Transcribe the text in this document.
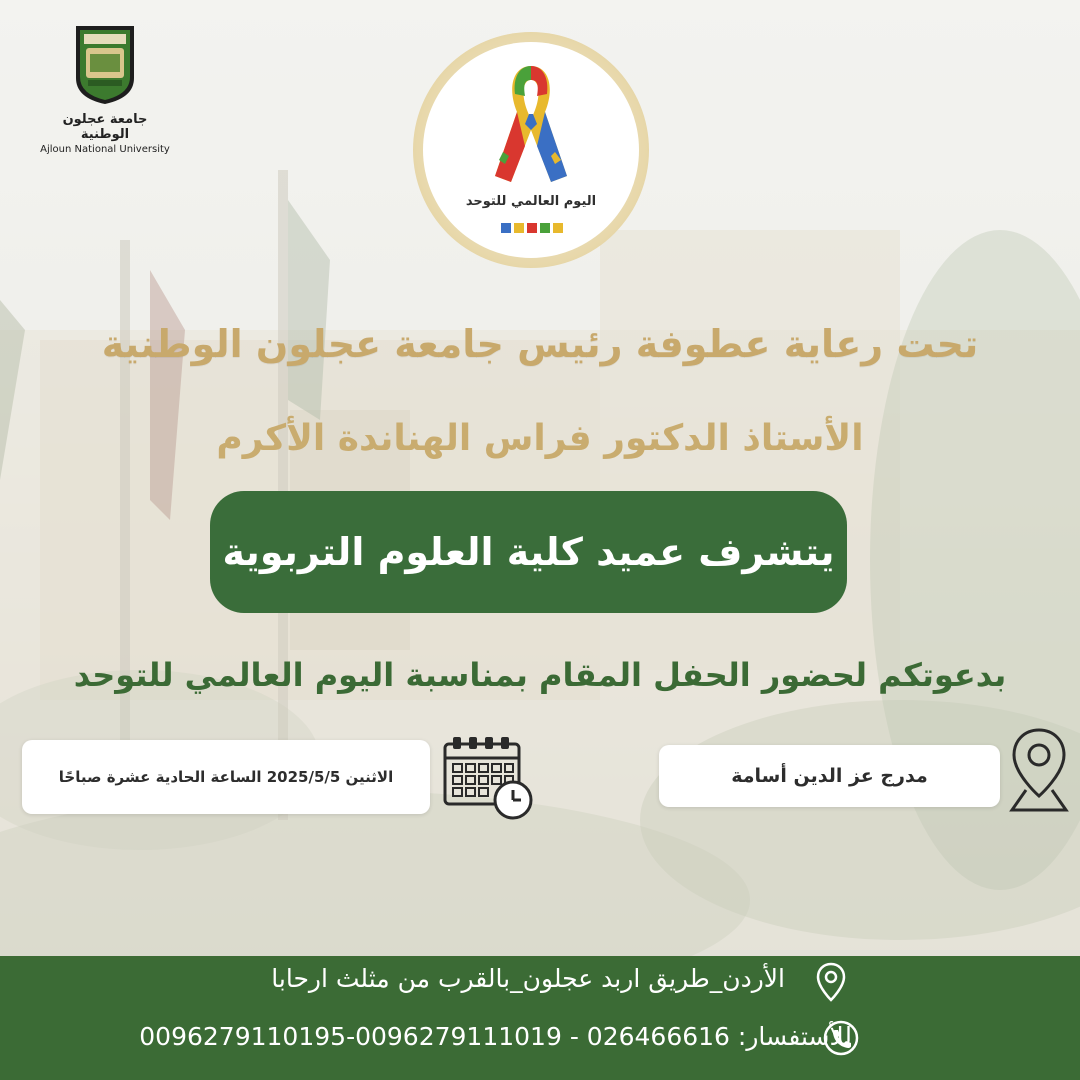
جامعة عجلون الوطنية
Ajloun National University
اليوم العالمي للتوحد
تحت رعاية عطوفة رئيس جامعة عجلون الوطنية
الأستاذ الدكتور فراس الهناندة الأكرم
يتشرف عميد كلية العلوم التربوية
بدعوتكم لحضور الحفل المقام بمناسبة اليوم العالمي للتوحد
الاثنين 2025/5/5 الساعة الحادية عشرة صباحًا	مدرج عز الدين أسامة
الأردن_طريق اربد عجلون_بالقرب من مثلث ارحابا
للأستفسار: 026466616 - 0096279111019-0096279110195
